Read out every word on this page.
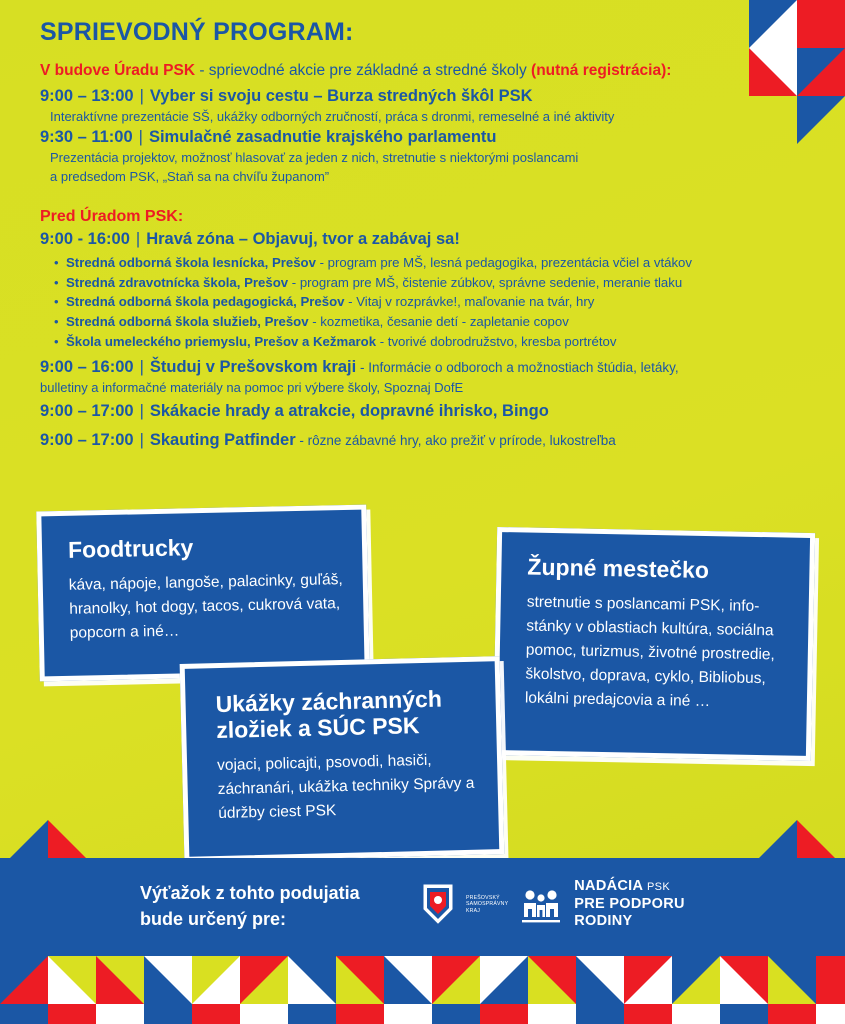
SPRIEVODNÝ PROGRAM:

V budove Úradu PSK - sprievodné akcie pre základné a stredné školy (nutná registrácia):

9:00 – 13:00 | Vyber si svoju cestu – Burza stredných škôl PSK

Interaktívne prezentácie SŠ, ukážky odborných zručností, práca s dronmi, remeselné a iné aktivity

9:30 – 11:00 | Simulačné zasadnutie krajského parlamentu

Prezentácia projektov, možnosť hlasovať za jeden z nich, stretnutie s niektorými poslancami

a predsedom PSK, „Staň sa na chvíľu županom”

Pred Úradom PSK:
9:00 - 16:00 | Hravá zóna – Objavuj, tvor a zabávaj sa!
• Stredná odborná škola lesnícka, Prešov - program pre MŠ, lesná pedagogika, prezentácia včiel a vtákov
• Stredná zdravotnícka škola, Prešov - program pre MŠ, čistenie zúbkov, správne sedenie, meranie tlaku
• Stredná odborná škola pedagogická, Prešov - Vitaj v rozprávke!, maľovanie na tvár, hry
• Stredná odborná škola služieb, Prešov - kozmetika, česanie detí - zapletanie copov
• Škola umeleckého priemyslu, Prešov a Kežmarok - tvorivé dobrodružstvo, kresba portrétov
9:00 – 16:00 | Študuj v Prešovskom kraji - Informácie o odboroch a možnostiach štúdia, letáky,

bulletiny a informačné materiály na pomoc pri výbere školy, Spoznaj DofE

9:00 – 17:00 | Skákacie hrady a atrakcie, dopravné ihrisko, Bingo
9:00 – 17:00 | Skauting Patfinder - rôzne zábavné hry, ako prežiť v prírode, lukostreľba
Foodtrucky

káva, nápoje, langoše, palacinky, guľáš, hranolky, hot dogy, tacos, cukrová vata, popcorn a iné…

Župné mestečko

stretnutie s poslancami PSK, info-stánky v oblastiach kultúra, sociálna pomoc, turizmus, životné prostredie, školstvo, doprava, cyklo, Bibliobus, lokálni predajcovia a iné …

Ukážky záchranných zložiek a SÚC PSK

vojaci, policajti, psovodi, hasiči, záchranári, ukážka techniky Správy a údržby ciest PSK

Výťažok z tohto podujatia
bude určený pre:
PREŠOVSKÝ
SAMOSPRÁVNY
KRAJ
NADÁCIA PSK
PRE PODPORU
RODINY
